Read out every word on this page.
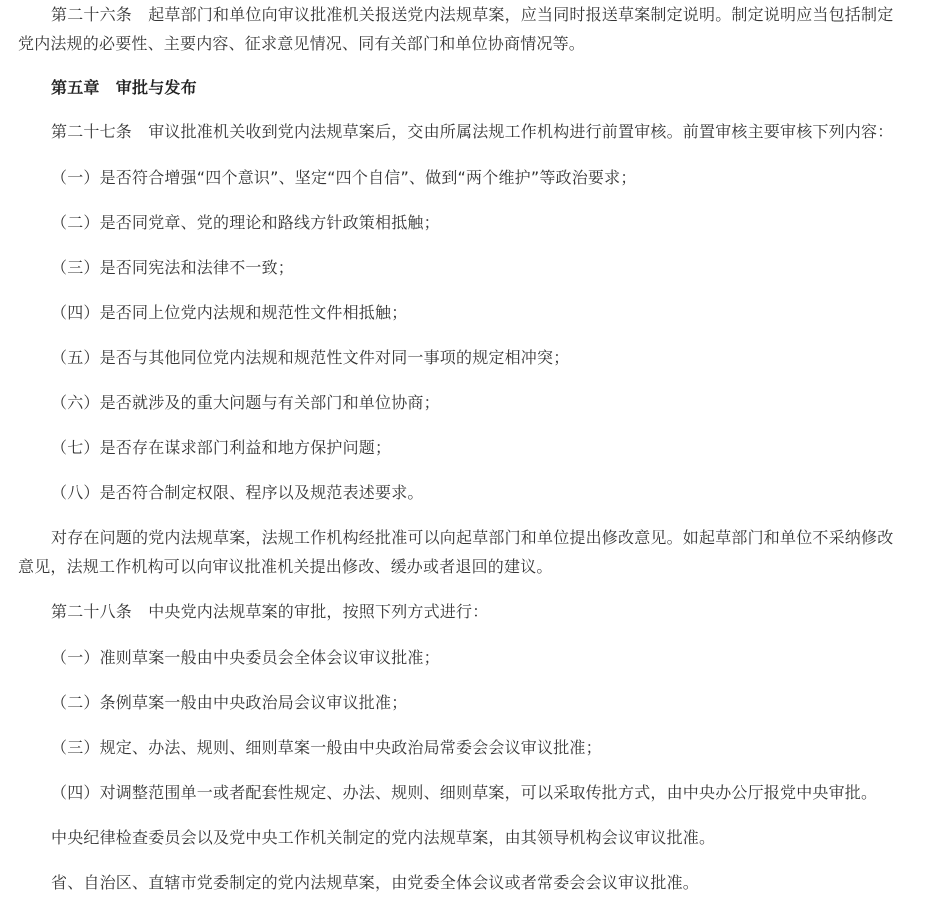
第二十六条　起草部门和单位向审议批准机关报送党内法规草案，应当同时报送草案制定说明。制定说明应当包括制定党内法规的必要性、主要内容、征求意见情况、同有关部门和单位协商情况等。

第五章　审批与发布

第二十七条　审议批准机关收到党内法规草案后，交由所属法规工作机构进行前置审核。前置审核主要审核下列内容：

（一）是否符合增强“四个意识”、坚定“四个自信”、做到“两个维护”等政治要求；

（二）是否同党章、党的理论和路线方针政策相抵触；

（三）是否同宪法和法律不一致；

（四）是否同上位党内法规和规范性文件相抵触；

（五）是否与其他同位党内法规和规范性文件对同一事项的规定相冲突；

（六）是否就涉及的重大问题与有关部门和单位协商；

（七）是否存在谋求部门利益和地方保护问题；

（八）是否符合制定权限、程序以及规范表述要求。

对存在问题的党内法规草案，法规工作机构经批准可以向起草部门和单位提出修改意见。如起草部门和单位不采纳修改意见，法规工作机构可以向审议批准机关提出修改、缓办或者退回的建议。

第二十八条　中央党内法规草案的审批，按照下列方式进行：

（一）准则草案一般由中央委员会全体会议审议批准；

（二）条例草案一般由中央政治局会议审议批准；

（三）规定、办法、规则、细则草案一般由中央政治局常委会会议审议批准；

（四）对调整范围单一或者配套性规定、办法、规则、细则草案，可以采取传批方式，由中央办公厅报党中央审批。

中央纪律检查委员会以及党中央工作机关制定的党内法规草案，由其领导机构会议审议批准。

省、自治区、直辖市党委制定的党内法规草案，由党委全体会议或者常委会会议审议批准。
